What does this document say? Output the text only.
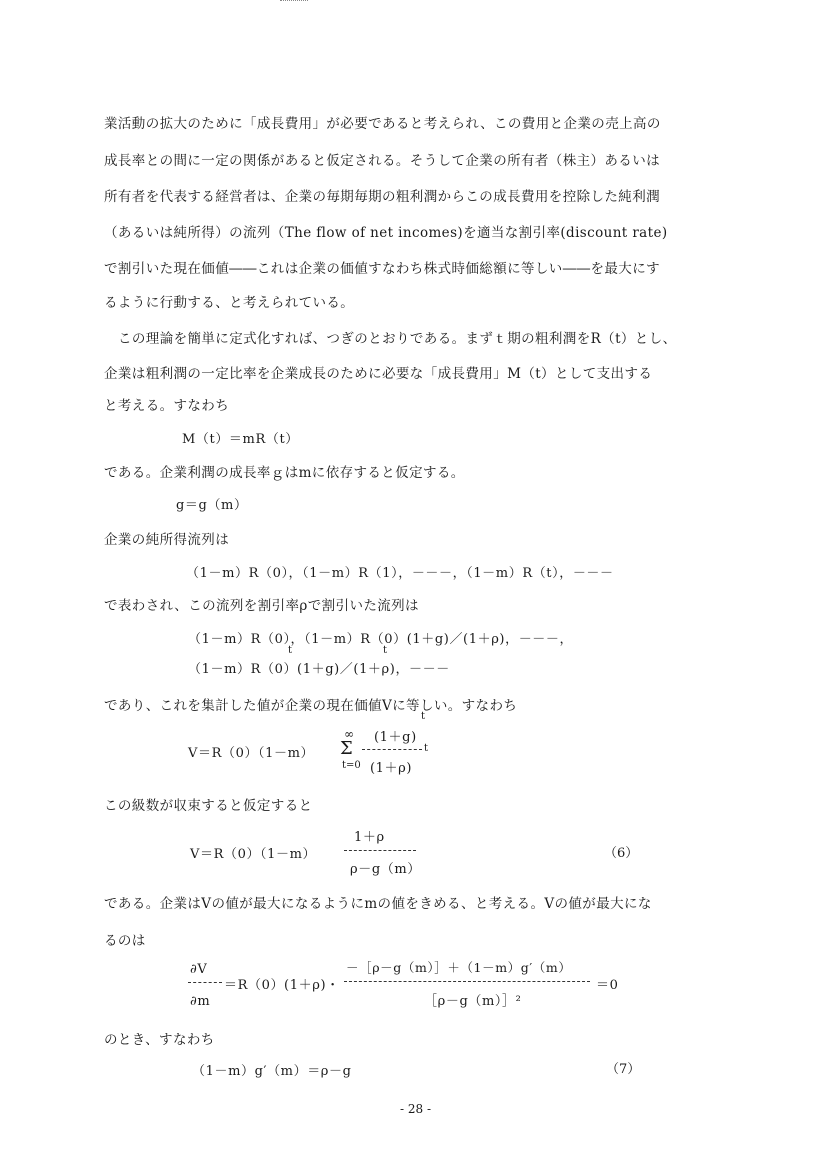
業活動の拡大のために「成長費用」が必要であると考えられ、この費用と企業の売上高の
成長率との間に一定の関係があると仮定される。そうして企業の所有者（株主）あるいは
所有者を代表する経営者は、企業の毎期毎期の粗利潤からこの成長費用を控除した純利潤
（あるいは純所得）の流列（The flow of net incomes)を適当な割引率(discount rate)
で割引いた現在価値――これは企業の価値すなわち株式時価総額に等しい――を最大にす
るように行動する、と考えられている。
この理論を簡単に定式化すれば、つぎのとおりである。まずｔ期の粗利潤をR（t）とし、
企業は粗利潤の一定比率を企業成長のために必要な「成長費用」M（t）として支出する
と考える。すなわち
M（t）＝mR（t）
である。企業利潤の成長率ｇはmに依存すると仮定する。
g＝g（m）
企業の純所得流列は
（1－m）R（0），（1－m）R（1），－－－，（1－m）R（t），－－－
で表わされ、この流列を割引率ρで割引いた流列は
（1－m）R（0），（1－m）R（0）(1＋g)／(1＋ρ)，－－－，
t	t
（1－m）R（0）(1＋g)／(1＋ρ)，－－－
であり、これを集計した値が企業の現在価値Vに等しい。すなわち
t
V＝R（0）（1－m）
∞
Σ
t=0
(1＋g)
t
(1＋ρ)
この級数が収束すると仮定すると
V＝R（0）（1－m）
1＋ρ
ρ－g（m）
（6）
である。企業はVの値が最大になるようにmの値をきめる、と考える。Vの値が最大にな
るのは
∂V
∂m
＝R（0）(1＋ρ)・
－［ρ－g（m）］＋（1－m）g′（m）
［ρ－g（m）］²
＝0
のとき、すなわち
（1－m）g′（m）＝ρ－g	（7）
- 28 -
